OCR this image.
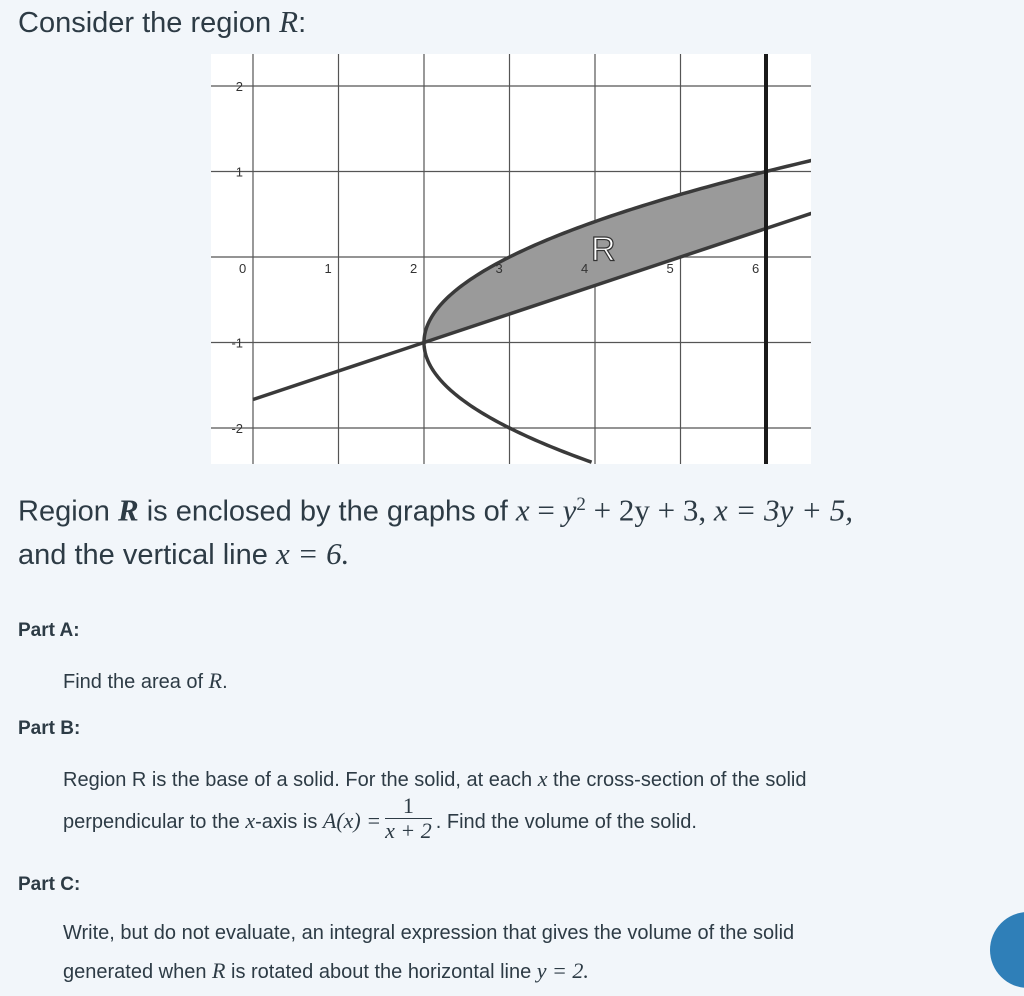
Consider the region R:
0	1	2	3	4	5	6
2
1
-1
-2
R

Region R is enclosed by the graphs of $x = y^2 + 2y + 3$, x = 3y + 5,
and the vertical line x = 6.

Part A:

Find the area of R.

Part B:

Region R is the base of a solid. For the solid, at each x the cross-section of the solid

perpendicular to the x-axis is $A(x) = \frac{1}{x + 2}$ . Find the volume of the solid.

Part C:

Write, but do not evaluate, an integral expression that gives the volume of the solid

generated when R is rotated about the horizontal line y = 2.
